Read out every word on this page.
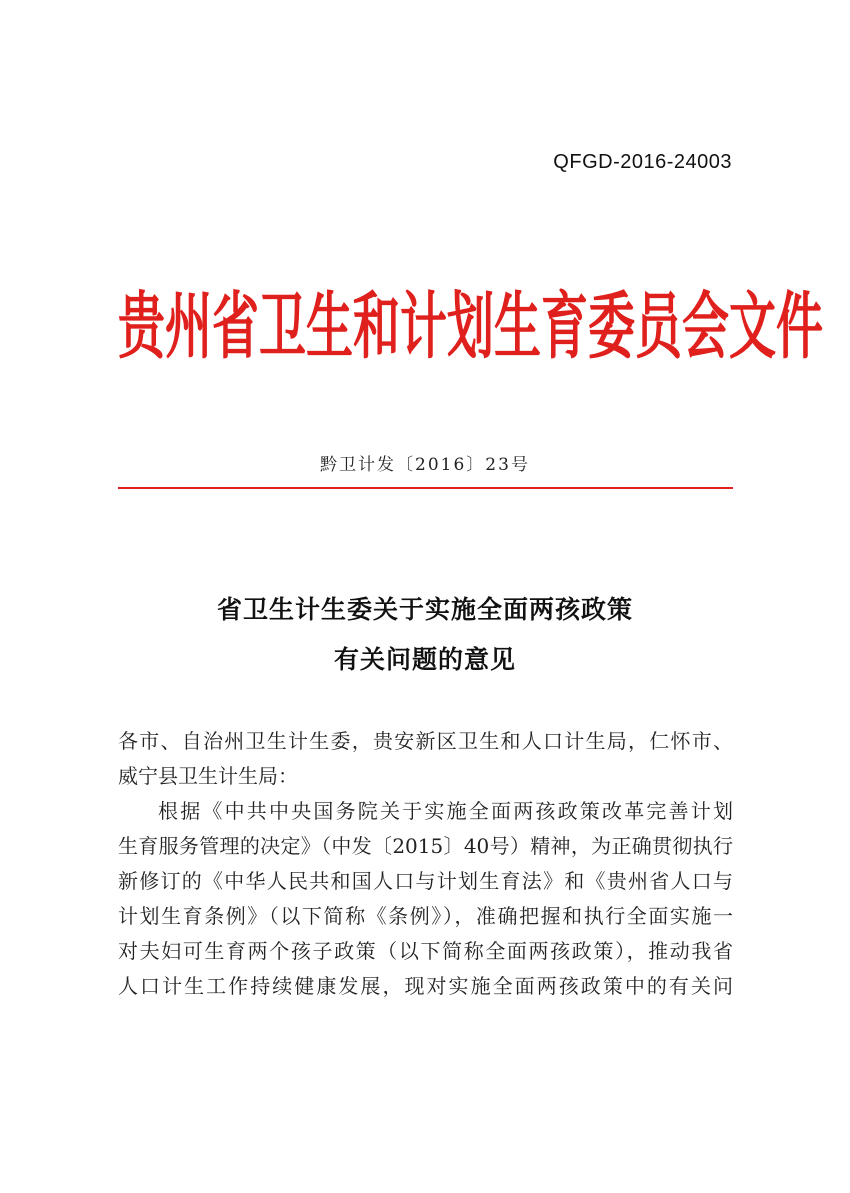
QFGD-2016-24003
贵州省卫生和计划生育委员会文件
黔卫计发〔2016〕23号
省卫生计生委关于实施全面两孩政策
有关问题的意见
各市、自治州卫生计生委，贵安新区卫生和人口计生局，仁怀市、
威宁县卫生计生局：
根据《中共中央国务院关于实施全面两孩政策改革完善计划
生育服务管理的决定》（中发〔2015〕40号）精神，为正确贯彻执行
新修订的《中华人民共和国人口与计划生育法》和《贵州省人口与
计划生育条例》（以下简称《条例》），准确把握和执行全面实施一
对夫妇可生育两个孩子政策（以下简称全面两孩政策），推动我省
人口计生工作持续健康发展，现对实施全面两孩政策中的有关问
